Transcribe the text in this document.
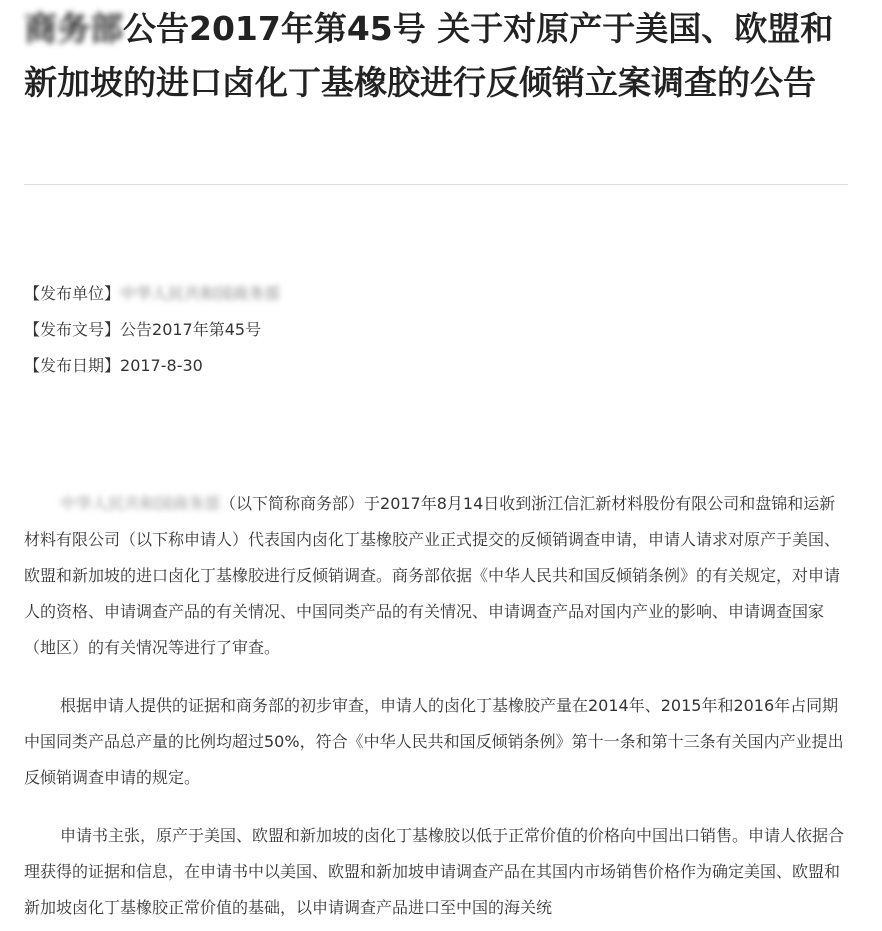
商务部公告2017年第45号 关于对原产于美国、欧盟和新加坡的进口卤化丁基橡胶进行反倾销立案调查的公告
【发布单位】中华人民共和国商务部
【发布文号】公告2017年第45号
【发布日期】2017-8-30

中华人民共和国商务部（以下简称商务部）于2017年8月14日收到浙江信汇新材料股份有限公司和盘锦和运新材料有限公司（以下称申请人）代表国内卤化丁基橡胶产业正式提交的反倾销调查申请，申请人请求对原产于美国、欧盟和新加坡的进口卤化丁基橡胶进行反倾销调查。商务部依据《中华人民共和国反倾销条例》的有关规定，对申请人的资格、申请调查产品的有关情况、中国同类产品的有关情况、申请调查产品对国内产业的影响、申请调查国家（地区）的有关情况等进行了审查。

根据申请人提供的证据和商务部的初步审查，申请人的卤化丁基橡胶产量在2014年、2015年和2016年占同期中国同类产品总产量的比例均超过50%，符合《中华人民共和国反倾销条例》第十一条和第十三条有关国内产业提出反倾销调查申请的规定。

申请书主张，原产于美国、欧盟和新加坡的卤化丁基橡胶以低于正常价值的价格向中国出口销售。申请人依据合理获得的证据和信息，在申请书中以美国、欧盟和新加坡申请调查产品在其国内市场销售价格作为确定美国、欧盟和新加坡卤化丁基橡胶正常价值的基础，以申请调查产品进口至中国的海关统
